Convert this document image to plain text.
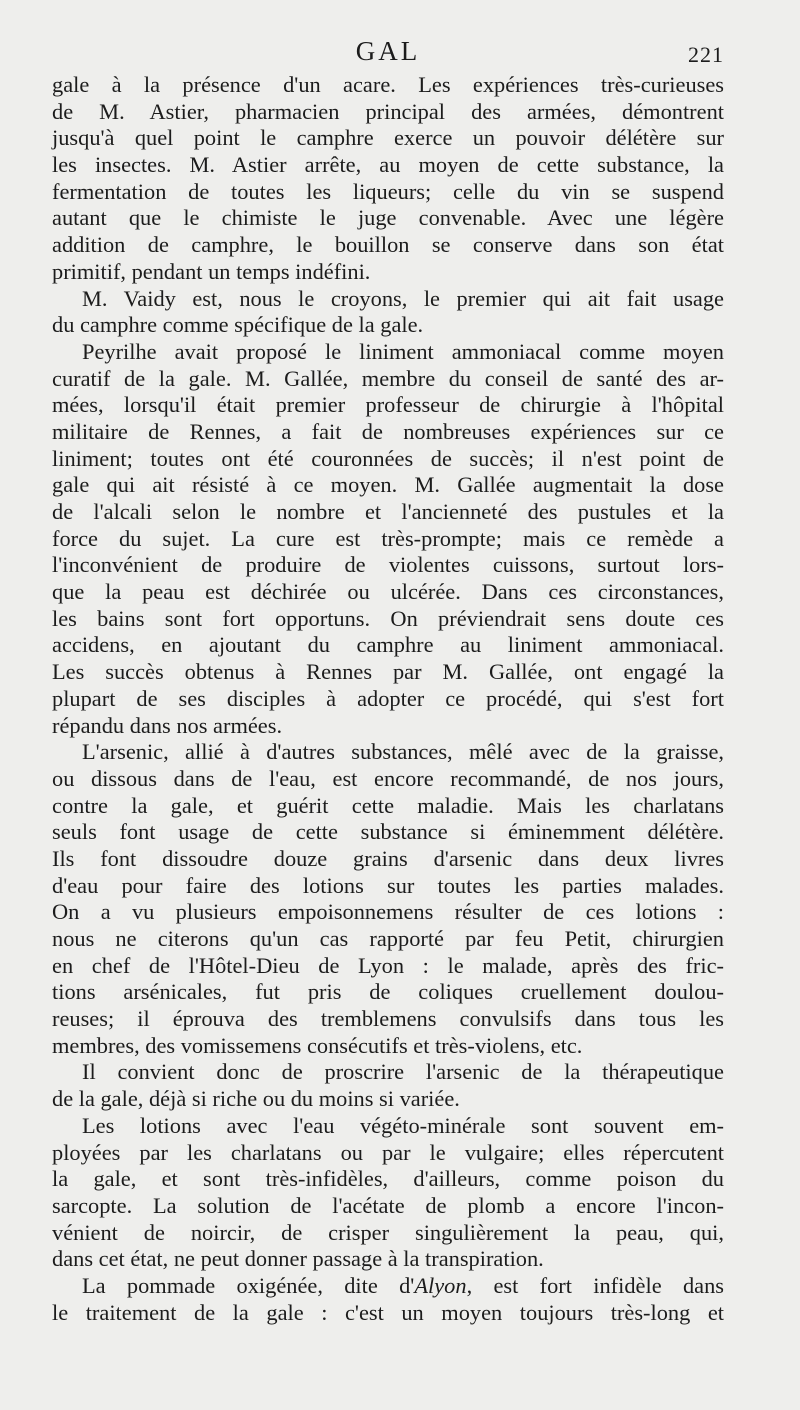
GAL	221
gale à la présence d'un acare. Les expériences très-curieuses
de M. Astier, pharmacien principal des armées, démontrent
jusqu'à quel point le camphre exerce un pouvoir délétère sur
les insectes. M. Astier arrête, au moyen de cette substance, la
fermentation de toutes les liqueurs; celle du vin se suspend
autant que le chimiste le juge convenable. Avec une légère
addition de camphre, le bouillon se conserve dans son état
primitif, pendant un temps indéfini.
M. Vaidy est, nous le croyons, le premier qui ait fait usage
du camphre comme spécifique de la gale.
Peyrilhe avait proposé le liniment ammoniacal comme moyen
curatif de la gale. M. Gallée, membre du conseil de santé des ar-
mées, lorsqu'il était premier professeur de chirurgie à l'hôpital
militaire de Rennes, a fait de nombreuses expériences sur ce
liniment; toutes ont été couronnées de succès; il n'est point de
gale qui ait résisté à ce moyen. M. Gallée augmentait la dose
de l'alcali selon le nombre et l'ancienneté des pustules et la
force du sujet. La cure est très-prompte; mais ce remède a
l'inconvénient de produire de violentes cuissons, surtout lors-
que la peau est déchirée ou ulcérée. Dans ces circonstances,
les bains sont fort opportuns. On préviendrait sens doute ces
accidens, en ajoutant du camphre au liniment ammoniacal.
Les succès obtenus à Rennes par M. Gallée, ont engagé la
plupart de ses disciples à adopter ce procédé, qui s'est fort
répandu dans nos armées.
L'arsenic, allié à d'autres substances, mêlé avec de la graisse,
ou dissous dans de l'eau, est encore recommandé, de nos jours,
contre la gale, et guérit cette maladie. Mais les charlatans
seuls font usage de cette substance si éminemment délétère.
Ils font dissoudre douze grains d'arsenic dans deux livres
d'eau pour faire des lotions sur toutes les parties malades.
On a vu plusieurs empoisonnemens résulter de ces lotions :
nous ne citerons qu'un cas rapporté par feu Petit, chirurgien
en chef de l'Hôtel-Dieu de Lyon : le malade, après des fric-
tions arsénicales, fut pris de coliques cruellement doulou-
reuses; il éprouva des tremblemens convulsifs dans tous les
membres, des vomissemens consécutifs et très-violens, etc.
Il convient donc de proscrire l'arsenic de la thérapeutique
de la gale, déjà si riche ou du moins si variée.
Les lotions avec l'eau végéto-minérale sont souvent em-
ployées par les charlatans ou par le vulgaire; elles répercutent
la gale, et sont très-infidèles, d'ailleurs, comme poison du
sarcopte. La solution de l'acétate de plomb a encore l'incon-
vénient de noircir, de crisper singulièrement la peau, qui,
dans cet état, ne peut donner passage à la transpiration.
La pommade oxigénée, dite d'Alyon, est fort infidèle dans
le traitement de la gale : c'est un moyen toujours très-long et
